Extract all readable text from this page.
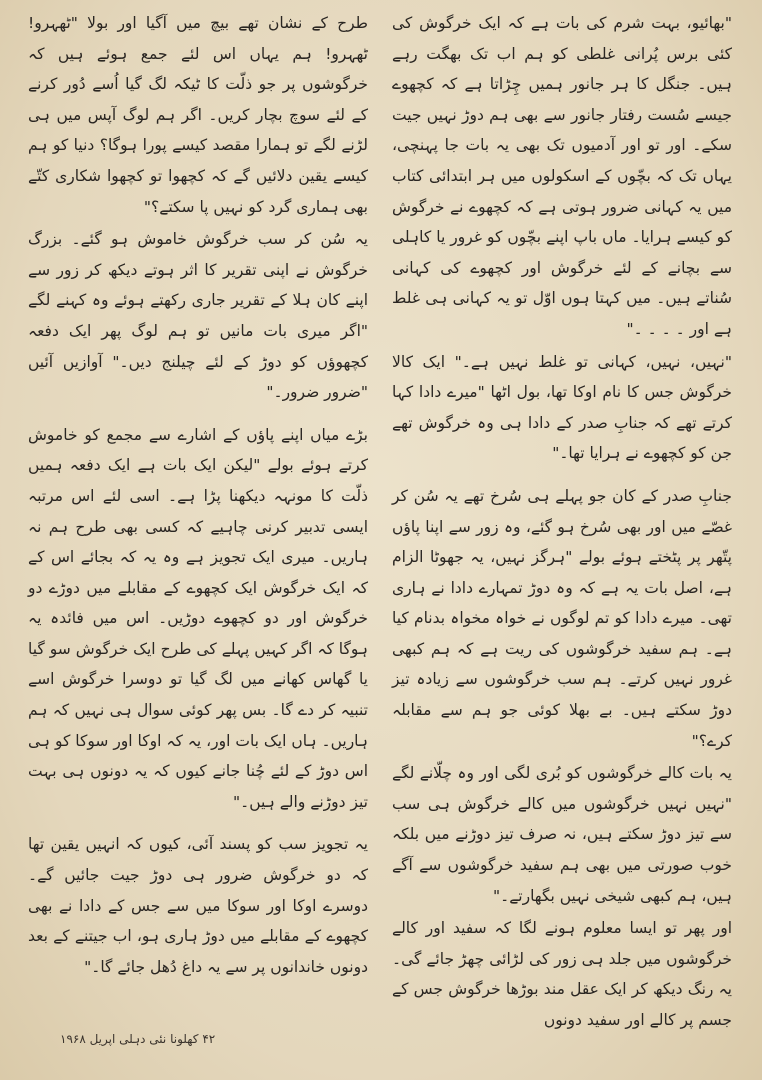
"بھائیو، بہت شرم کی بات ہے کہ ایک خرگوش کی کئی برس پُرانی غلطی کو ہم اب تک بھگت رہے ہیں۔ جنگل کا ہر جانور ہمیں چِڑاتا ہے کہ کچھوے جیسے سُست رفتار جانور سے بھی ہم دوڑ نہیں جیت سکے۔ اور تو اور آدمیوں تک بھی یہ بات جا پہنچی، یہاں تک کہ بچّوں کے اسکولوں میں ہر ابتدائی کتاب میں یہ کہانی ضرور ہوتی ہے کہ کچھوے نے خرگوش کو کیسے ہرایا۔ ماں باپ اپنے بچّوں کو غرور یا کاہلی سے بچانے کے لئے خرگوش اور کچھوے کی کہانی سُناتے ہیں۔ میں کہتا ہوں اوّل تو یہ کہانی ہی غلط ہے اور ۔ ۔ ۔ ۔"

"نہیں، نہیں، کہانی تو غلط نہیں ہے۔" ایک کالا خرگوش جس کا نام اوکا تھا، بول اٹھا "میرے دادا کہا کرتے تھے کہ جنابِ صدر کے دادا ہی وہ خرگوش تھے جن کو کچھوے نے ہرایا تھا۔"

جنابِ صدر کے کان جو پہلے ہی سُرخ تھے یہ سُن کر غصّے میں اور بھی سُرخ ہو گئے، وہ زور سے اپنا پاؤں پتّھر پر پٹختے ہوئے بولے "ہرگز نہیں، یہ جھوٹا الزام ہے، اصل بات یہ ہے کہ وہ دوڑ تمہارے دادا نے ہاری تھی۔ میرے دادا کو تم لوگوں نے خواہ مخواہ بدنام کیا ہے۔ ہم سفید خرگوشوں کی ریت ہے کہ ہم کبھی غرور نہیں کرتے۔ ہم سب خرگوشوں سے زیادہ تیز دوڑ سکتے ہیں۔ بے بھلا کوئی جو ہم سے مقابلہ کرے؟"

یہ بات کالے خرگوشوں کو بُری لگی اور وہ چلّانے لگے "نہیں نہیں خرگوشوں میں کالے خرگوش ہی سب سے تیز دوڑ سکتے ہیں، نہ صرف تیز دوڑنے میں بلکہ خوب صورتی میں بھی ہم سفید خرگوشوں سے آگے ہیں، ہم کبھی شیخی نہیں بگھارتے۔"

اور پھر تو ایسا معلوم ہونے لگا کہ سفید اور کالے خرگوشوں میں جلد ہی زور کی لڑائی چھڑ جائے گی۔ یہ رنگ دیکھ کر ایک عقل مند بوڑھا خرگوش جس کے جسم پر کالے اور سفید دونوں

طرح کے نشان تھے بیچ میں آگیا اور بولا "ٹھہرو! ٹھہرو! ہم یہاں اس لئے جمع ہوئے ہیں کہ خرگوشوں پر جو ذلّت کا ٹیکہ لگ گیا اُسے دُور کرنے کے لئے سوچ بچار کریں۔ اگر ہم لوگ آپس میں ہی لڑنے لگے تو ہمارا مقصد کیسے پورا ہوگا؟ دنیا کو ہم کیسے یقین دلائیں گے کہ کچھوا تو کچھوا شکاری کتّے بھی ہماری گرد کو نہیں پا سکتے؟"

یہ سُن کر سب خرگوش خاموش ہو گئے۔ بزرگ خرگوش نے اپنی تقریر کا اثر ہوتے دیکھ کر زور سے اپنے کان ہلا کے تقریر جاری رکھتے ہوئے وہ کہنے لگے "اگر میری بات مانیں تو ہم لوگ پھر ایک دفعہ کچھوؤں کو دوڑ کے لئے چیلنج دیں۔" آوازیں آئیں "ضرور ضرور۔"

بڑے میاں اپنے پاؤں کے اشارے سے مجمع کو خاموش کرتے ہوئے بولے "لیکن ایک بات ہے ایک دفعہ ہمیں ذلّت کا مونہہ دیکھنا پڑا ہے۔ اسی لئے اس مرتبہ ایسی تدبیر کرنی چاہیے کہ کسی بھی طرح ہم نہ ہاریں۔ میری ایک تجویز ہے وہ یہ کہ بجائے اس کے کہ ایک خرگوش ایک کچھوے کے مقابلے میں دوڑے دو خرگوش اور دو کچھوے دوڑیں۔ اس میں فائدہ یہ ہوگا کہ اگر کہیں پہلے کی طرح ایک خرگوش سو گیا یا گھاس کھانے میں لگ گیا تو دوسرا خرگوش اسے تنبیہ کر دے گا۔ بس پھر کوئی سوال ہی نہیں کہ ہم ہاریں۔ ہاں ایک بات اور، یہ کہ اوکا اور سوکا کو ہی اس دوڑ کے لئے چُنا جانے کیوں کہ یہ دونوں ہی بہت تیز دوڑنے والے ہیں۔"

یہ تجویز سب کو پسند آئی، کیوں کہ انہیں یقین تھا کہ دو خرگوش ضرور ہی دوڑ جیت جائیں گے۔ دوسرے اوکا اور سوکا میں سے جس کے دادا نے بھی کچھوے کے مقابلے میں دوڑ ہاری ہو، اب جیتنے کے بعد دونوں خاندانوں پر سے یہ داغ دُھل جائے گا۔"

۴۲ کھلونا نئی دہلی اپریل ۱۹۶۸
